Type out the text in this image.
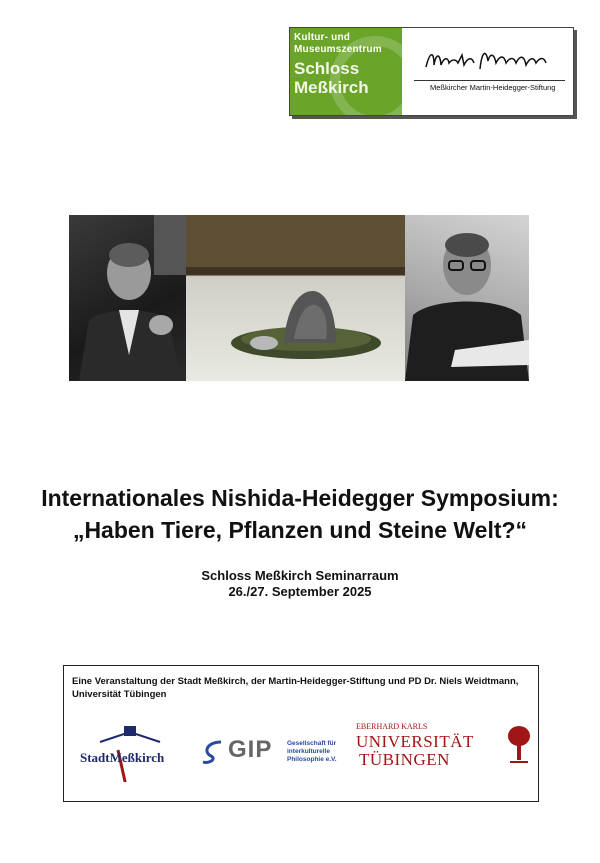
Kultur- und
Museumszentrum
Schloss
Meßkirch	Meßkircher Martin-Heidegger-Stiftung
Internationales Nishida-Heidegger Symposium:
„Haben Tiere, Pflanzen und Steine Welt?“
Schloss Meßkirch Seminarraum
26./27. September 2025
Eine Veranstaltung der Stadt Meßkirch, der Martin-Heidegger-Stiftung und PD Dr. Niels Weidtmann, Universität Tübingen
StadtMeßkirch	GIP Gesellschaft für
interkulturelle
Philosophie e.V.
EBERHARD KARLS
UNIVERSITÄT
TÜBINGEN
